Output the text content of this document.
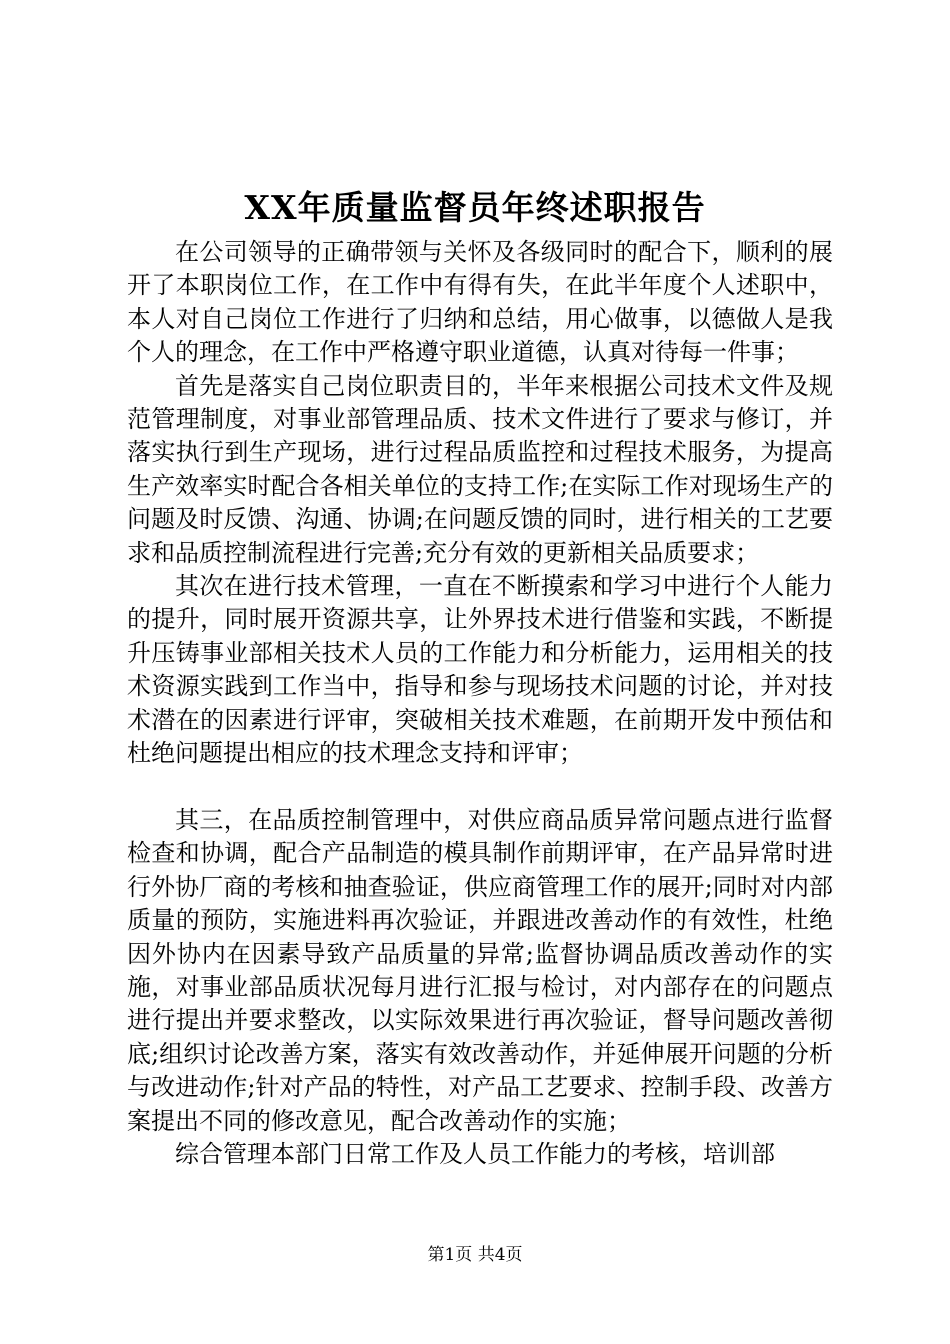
XX年质量监督员年终述职报告

在公司领导的正确带领与关怀及各级同时的配合下，顺利的展开了本职岗位工作，在工作中有得有失，在此半年度个人述职中，本人对自己岗位工作进行了归纳和总结，用心做事，以德做人是我个人的理念，在工作中严格遵守职业道德，认真对待每一件事；

首先是落实自己岗位职责目的，半年来根据公司技术文件及规范管理制度，对事业部管理品质、技术文件进行了要求与修订，并落实执行到生产现场，进行过程品质监控和过程技术服务，为提高生产效率实时配合各相关单位的支持工作;在实际工作对现场生产的问题及时反馈、沟通、协调;在问题反馈的同时，进行相关的工艺要求和品质控制流程进行完善;充分有效的更新相关品质要求；

其次在进行技术管理，一直在不断摸索和学习中进行个人能力的提升，同时展开资源共享，让外界技术进行借鉴和实践，不断提升压铸事业部相关技术人员的工作能力和分析能力，运用相关的技术资源实践到工作当中，指导和参与现场技术问题的讨论，并对技术潜在的因素进行评审，突破相关技术难题，在前期开发中预估和杜绝问题提出相应的技术理念支持和评审；

其三，在品质控制管理中，对供应商品质异常问题点进行监督检查和协调，配合产品制造的模具制作前期评审，在产品异常时进行外协厂商的考核和抽查验证，供应商管理工作的展开;同时对内部质量的预防，实施进料再次验证，并跟进改善动作的有效性，杜绝因外协内在因素导致产品质量的异常;监督协调品质改善动作的实施，对事业部品质状况每月进行汇报与检讨，对内部存在的问题点进行提出并要求整改，以实际效果进行再次验证，督导问题改善彻底;组织讨论改善方案，落实有效改善动作，并延伸展开问题的分析与改进动作;针对产品的特性，对产品工艺要求、控制手段、改善方案提出不同的修改意见，配合改善动作的实施；

综合管理本部门日常工作及人员工作能力的考核，培训部

第1页 共4页
